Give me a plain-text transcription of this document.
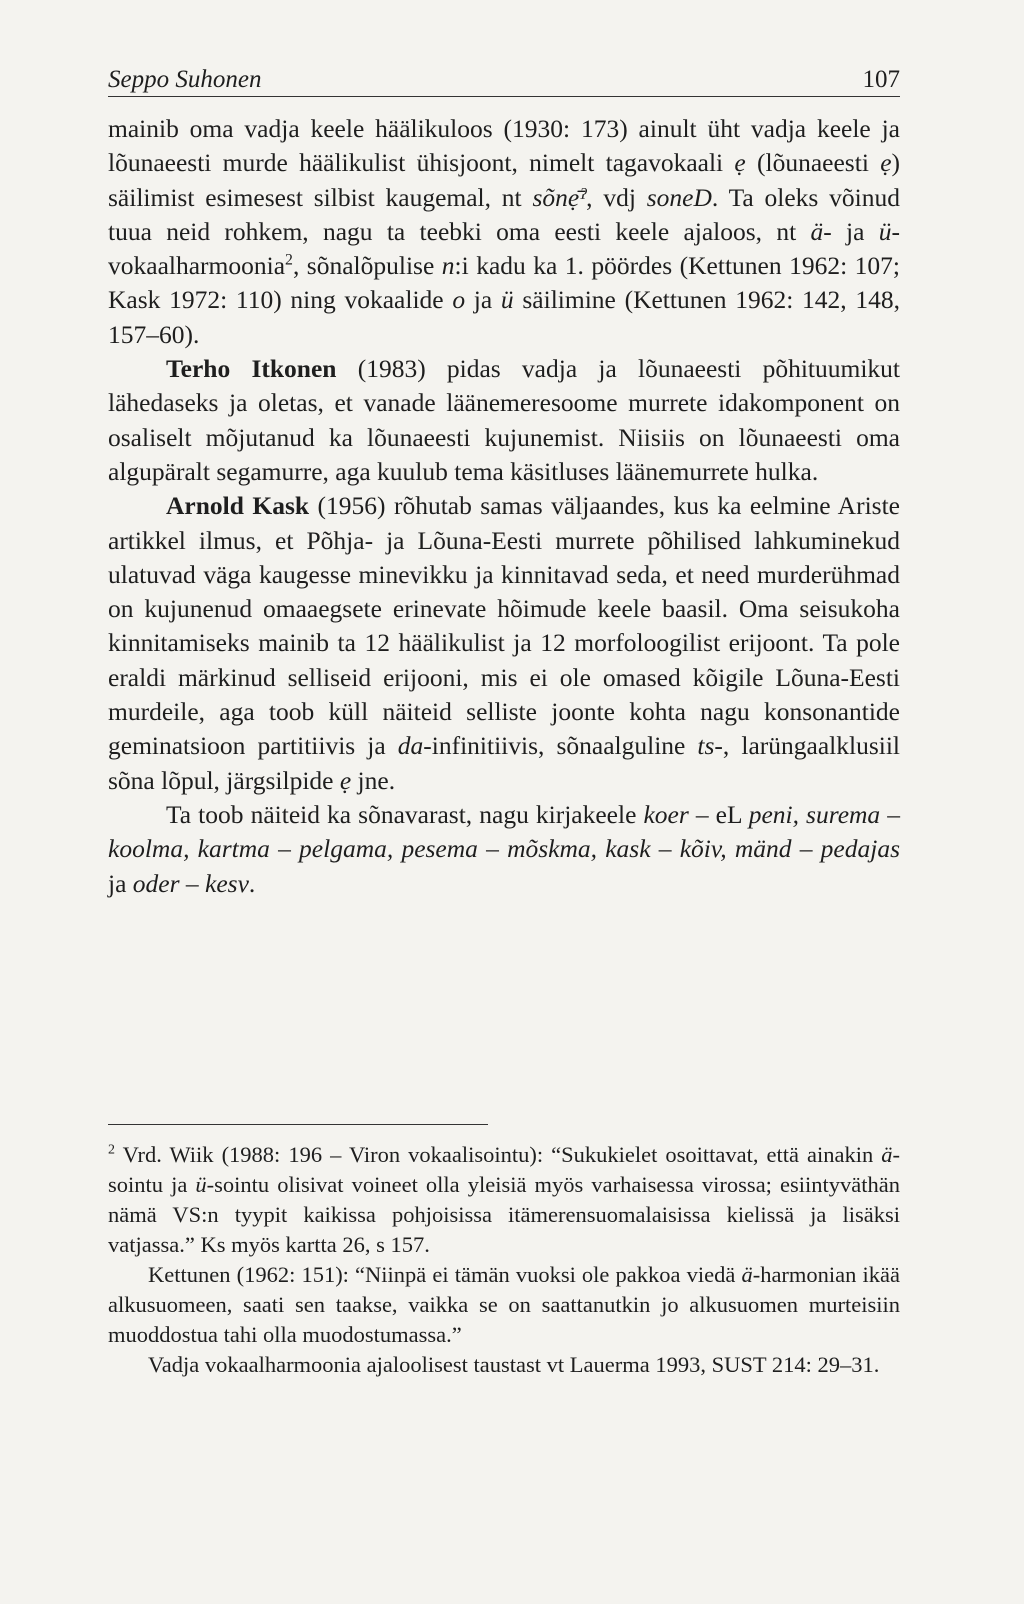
Seppo Suhonen	107

mainib oma vadja keele häälikuloos (1930: 173) ainult üht vadja keele ja lõunaeesti murde häälikulist ühisjoont, nimelt tagavokaali ẹ (lõunaeesti ẹ) säilimist esimesest silbist kaugemal, nt sõnẹ̄ˀ, vdj soneD. Ta oleks võinud tuua neid rohkem, nagu ta teebki oma eesti keele ajaloos, nt ä- ja ü-vokaalharmoonia$^2$, sõnalõpulise n:i kadu ka 1. pöördes (Kettunen 1962: 107; Kask 1972: 110) ning vokaalide o ja ü säilimine (Kettunen 1962: 142, 148, 157–60).

Terho Itkonen (1983) pidas vadja ja lõunaeesti põhituumikut lähedaseks ja oletas, et vanade läänemeresoome murrete idakomponent on osaliselt mõjutanud ka lõunaeesti kujunemist. Niisiis on lõunaeesti oma algupäralt segamurre, aga kuulub tema käsitluses läänemurrete hulka.

Arnold Kask (1956) rõhutab samas väljaandes, kus ka eelmine Ariste artikkel ilmus, et Põhja- ja Lõuna-Eesti murrete põhilised lahkuminekud ulatuvad väga kaugesse minevikku ja kinnitavad seda, et need murderühmad on kujunenud omaaegsete erinevate hõimude keele baasil. Oma seisukoha kinnitamiseks mainib ta 12 häälikulist ja 12 morfoloogilist erijoont. Ta pole eraldi märkinud selliseid erijooni, mis ei ole omased kõigile Lõuna-Eesti murdeile, aga toob küll näiteid selliste joonte kohta nagu konsonantide geminatsioon partitiivis ja da-infinitiivis, sõnaalguline ts-, larüngaalklusiil sõna lõpul, järgsilpide ẹ jne.

Ta toob näiteid ka sõnavarast, nagu kirjakeele koer – eL peni, surema – koolma, kartma – pelgama, pesema – mõskma, kask – kõiv, mänd – pedajas ja oder – kesv.

$^2$ Vrd. Wiik (1988: 196 – Viron vokaalisointu): “Sukukielet osoittavat, että ainakin ä-sointu ja ü-sointu olisivat voineet olla yleisiä myös varhaisessa virossa; esiintyväthän nämä VS:n tyypit kaikissa pohjoisissa itämerensuomalaisissa kielissä ja lisäksi vatjassa.” Ks myös kartta 26, s 157.

Kettunen (1962: 151): “Niinpä ei tämän vuoksi ole pakkoa viedä ä-harmonian ikää alkusuomeen, saati sen taakse, vaikka se on saattanutkin jo alkusuomen murteisiin muoddostua tahi olla muodostumassa.”

Vadja vokaalharmoonia ajaloolisest taustast vt Lauerma 1993, SUST 214: 29–31.
